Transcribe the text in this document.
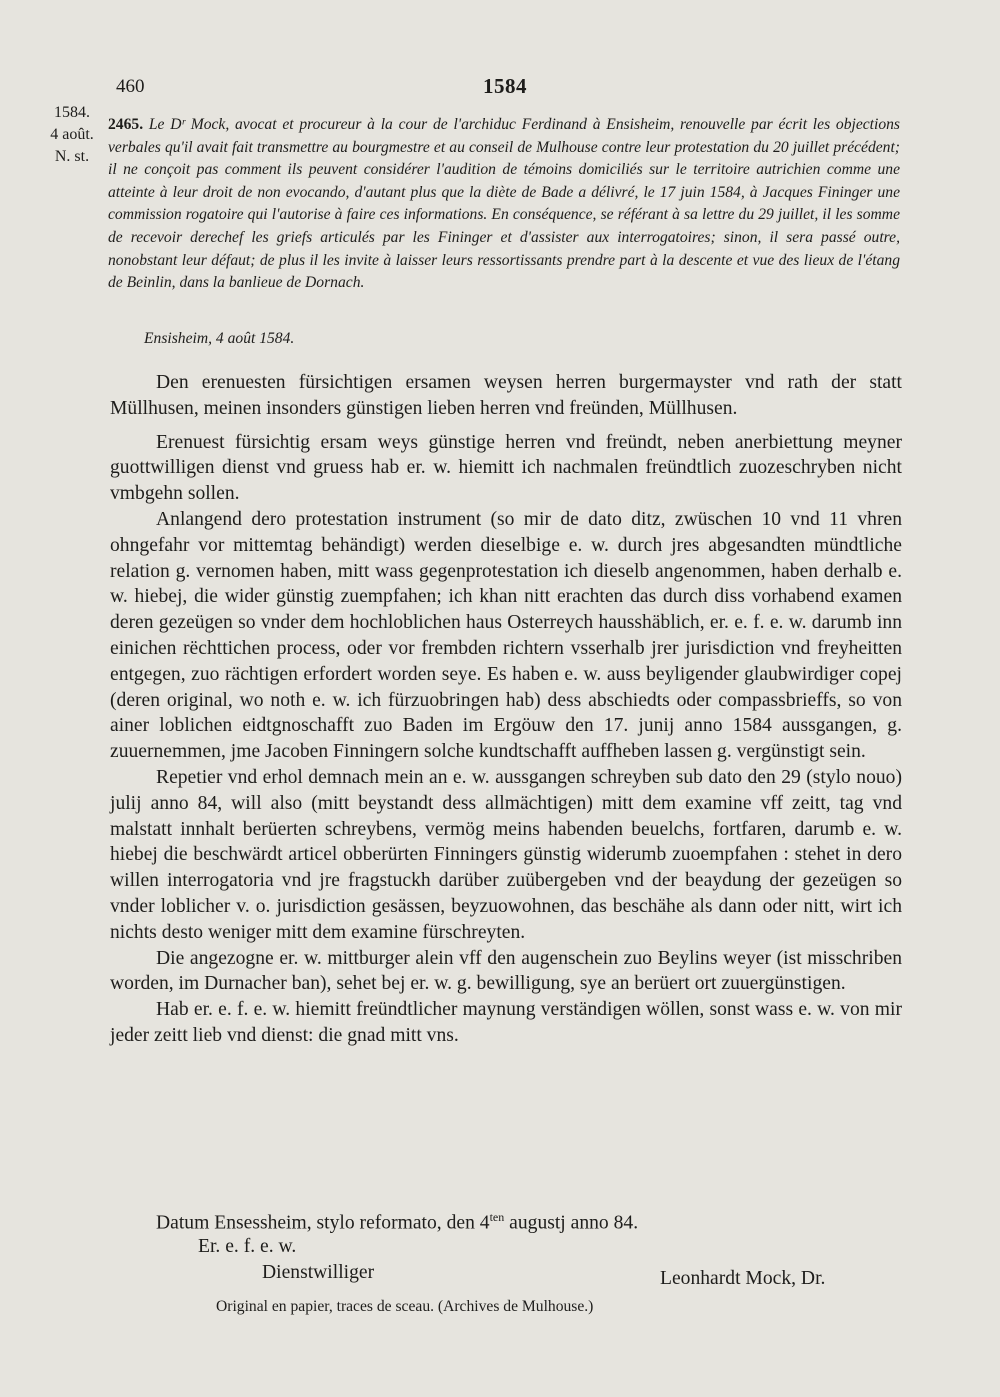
460	1584
1584.
4 août.
N. st.
2465. Le Dʳ Mock, avocat et procureur à la cour de l'archiduc Ferdinand à Ensisheim, renouvelle par écrit les objections verbales qu'il avait fait transmettre au bourgmestre et au conseil de Mulhouse contre leur protestation du 20 juillet précédent; il ne conçoit pas comment ils peuvent considérer l'audition de témoins domiciliés sur le territoire autrichien comme une atteinte à leur droit de non evocando, d'autant plus que la diète de Bade a délivré, le 17 juin 1584, à Jacques Fininger une commission rogatoire qui l'autorise à faire ces informations. En conséquence, se référant à sa lettre du 29 juillet, il les somme de recevoir derechef les griefs articulés par les Fininger et d'assister aux interrogatoires; sinon, il sera passé outre, nonobstant leur défaut; de plus il les invite à laisser leurs ressortissants prendre part à la descente et vue des lieux de l'étang de Beinlin, dans la banlieue de Dornach.
Ensisheim, 4 août 1584.

Den erenuesten fürsichtigen ersamen weysen herren burgermayster vnd rath der statt Müllhusen, meinen insonders günstigen lieben herren vnd freünden, Müllhusen.

Erenuest fürsichtig ersam weys günstige herren vnd freündt, neben anerbiettung meyner guottwilligen dienst vnd gruess hab er. w. hiemitt ich nachmalen freündtlich zuozeschryben nicht vmbgehn sollen.

Anlangend dero protestation instrument (so mir de dato ditz, zwüschen 10 vnd 11 vhren ohngefahr vor mittemtag behändigt) werden dieselbige e. w. durch jres abgesandten mündtliche relation g. vernomen haben, mitt wass gegenprotestation ich dieselb angenommen, haben derhalb e. w. hiebej, die wider günstig zuempfahen; ich khan nitt erachten das durch diss vorhabend examen deren gezeügen so vnder dem hochloblichen haus Osterreych hausshäblich, er. e. f. e. w. darumb inn einichen rëchttichen process, oder vor frembden richtern vsserhalb jrer jurisdiction vnd freyheitten entgegen, zuo rächtigen erfordert worden seye. Es haben e. w. auss beyligender glaubwirdiger copej (deren original, wo noth e. w. ich fürzuobringen hab) dess abschiedts oder compassbrieffs, so von ainer loblichen eidtgnoschafft zuo Baden im Ergöuw den 17. junij anno 1584 aussgangen, g. zuuernemmen, jme Jacoben Finningern solche kundtschafft auffheben lassen g. vergünstigt sein.

Repetier vnd erhol demnach mein an e. w. aussgangen schreyben sub dato den 29 (stylo nouo) julij anno 84, will also (mitt beystandt dess allmächtigen) mitt dem examine vff zeitt, tag vnd malstatt innhalt berüerten schreybens, vermög meins habenden beuelchs, fortfaren, darumb e. w. hiebej die beschwärdt articel obberürten Finningers günstig widerumb zuoempfahen : stehet in dero willen interrogatoria vnd jre fragstuckh darüber zuübergeben vnd der beaydung der gezeügen so vnder loblicher v. o. jurisdiction gesässen, beyzuowohnen, das beschähe als dann oder nitt, wirt ich nichts desto weniger mitt dem examine fürschreyten.

Die angezogne er. w. mittburger alein vff den augenschein zuo Beylins weyer (ist misschriben worden, im Durnacher ban), sehet bej er. w. g. bewilligung, sye an berüert ort zuuergünstigen.

Hab er. e. f. e. w. hiemitt freündtlicher maynung verständigen wöllen, sonst wass e. w. von mir jeder zeitt lieb vnd dienst: die gnad mitt vns.

Datum Ensessheim, stylo reformato, den $4^{ten}$ augustj anno 84.
Er. e. f. e. w.
Dienstwilliger	Leonhardt Mock, Dr.
Original en papier, traces de sceau. (Archives de Mulhouse.)
